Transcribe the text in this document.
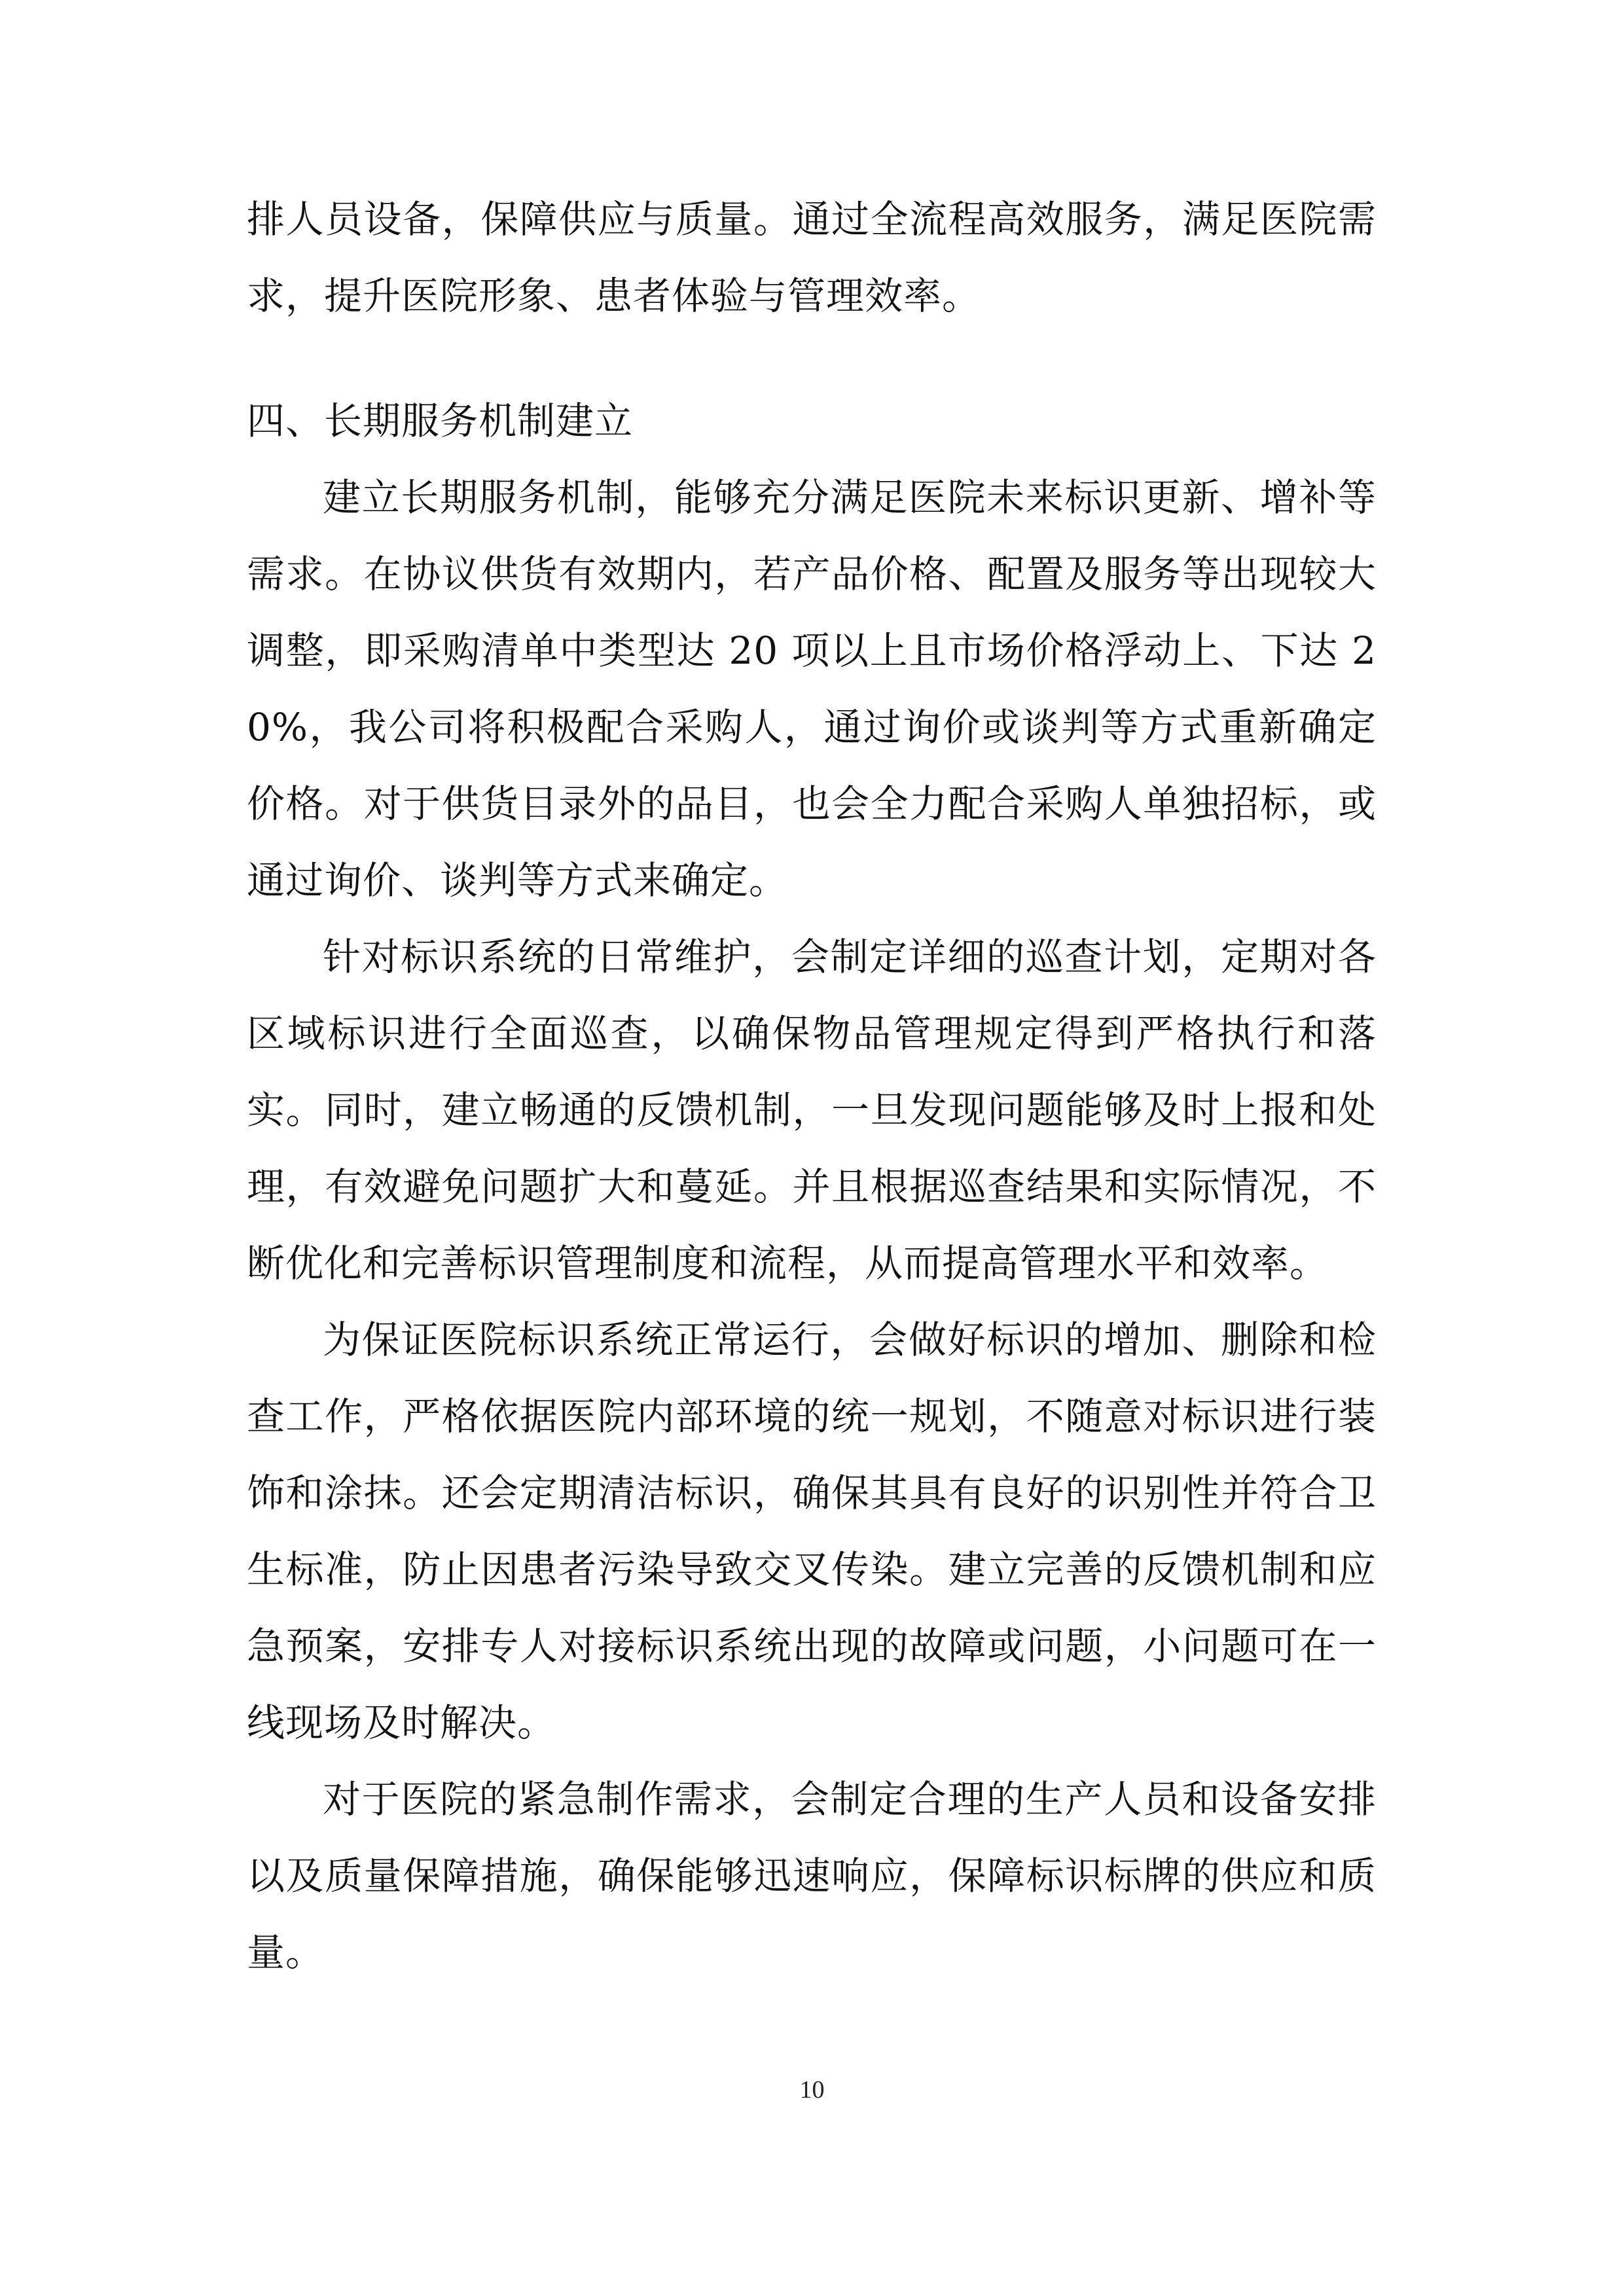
排人员设备，保障供应与质量。通过全流程高效服务，满足医院需求，提升医院形象、患者体验与管理效率。

四、长期服务机制建立

建立长期服务机制，能够充分满足医院未来标识更新、增补等需求。在协议供货有效期内，若产品价格、配置及服务等出现较大调整，即采购清单中类型达 20 项以上且市场价格浮动上、下达 20%，我公司将积极配合采购人，通过询价或谈判等方式重新确定价格。对于供货目录外的品目，也会全力配合采购人单独招标，或通过询价、谈判等方式来确定。

针对标识系统的日常维护，会制定详细的巡查计划，定期对各区域标识进行全面巡查，以确保物品管理规定得到严格执行和落实。同时，建立畅通的反馈机制，一旦发现问题能够及时上报和处理，有效避免问题扩大和蔓延。并且根据巡查结果和实际情况，不断优化和完善标识管理制度和流程，从而提高管理水平和效率。

为保证医院标识系统正常运行，会做好标识的增加、删除和检查工作，严格依据医院内部环境的统一规划，不随意对标识进行装饰和涂抹。还会定期清洁标识，确保其具有良好的识别性并符合卫生标准，防止因患者污染导致交叉传染。建立完善的反馈机制和应急预案，安排专人对接标识系统出现的故障或问题，小问题可在一线现场及时解决。

对于医院的紧急制作需求，会制定合理的生产人员和设备安排以及质量保障措施，确保能够迅速响应，保障标识标牌的供应和质量。

10
